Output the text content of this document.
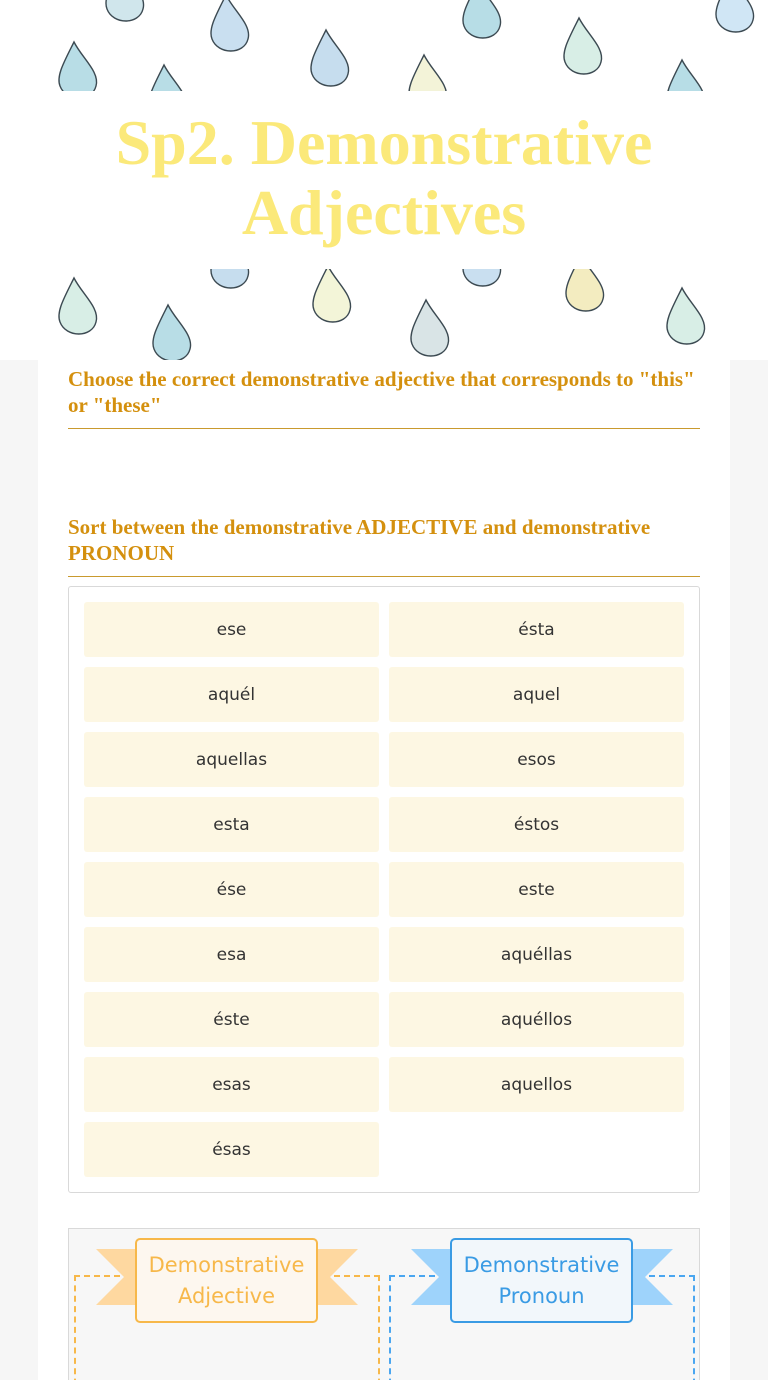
Sp2. Demonstrative
Adjectives
Choose the correct demonstrative adjective that corresponds to "this" or "these"
Sort between the demonstrative ADJECTIVE and demonstrative PRONOUN
ese	ésta
aquél	aquel
aquellas	esos
esta	éstos
ése	este
esa	aquéllas
éste	aquéllos
esas	aquellos
ésas
Demonstrative Adjective
Demonstrative Pronoun
